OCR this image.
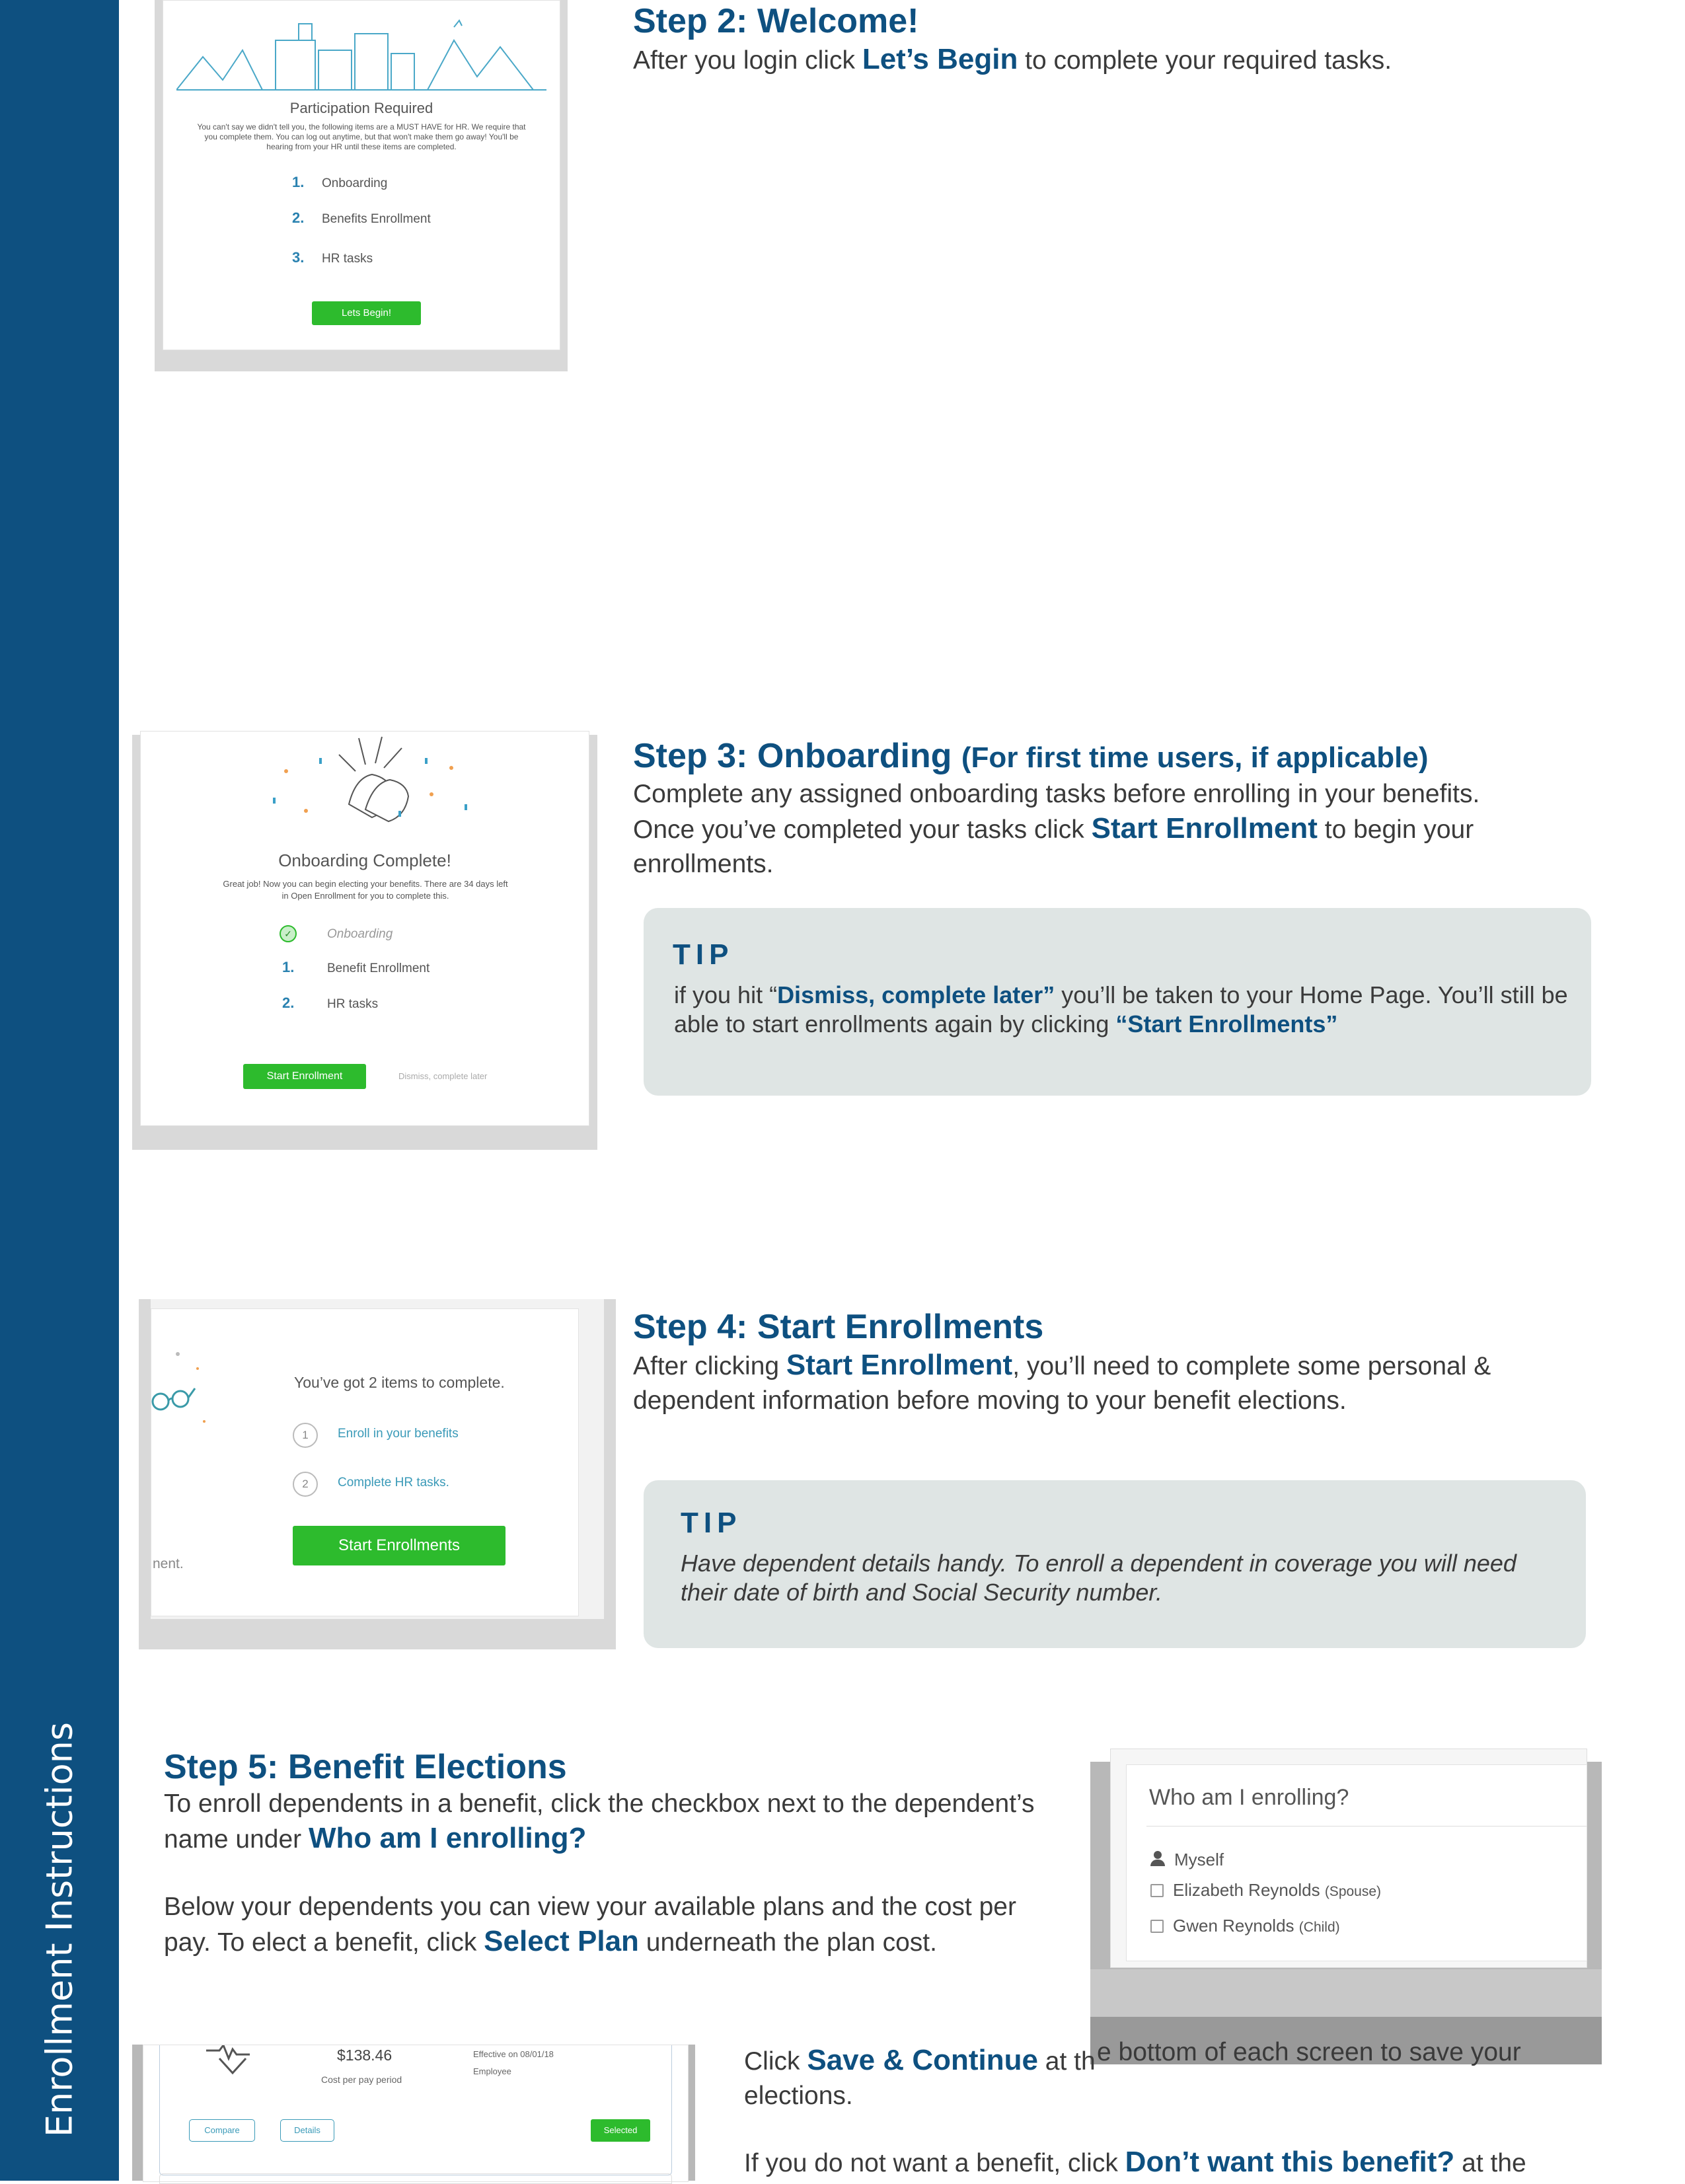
Enrollment Instructions
Participation Required
You can't say we didn't tell you, the following items are a MUST HAVE for HR. We require that you complete them. You can log out anytime, but that won't make them go away! You'll be hearing from your HR until these items are completed.
1. Onboarding
2. Benefits Enrollment
3. HR tasks
Lets Begin!
Step 2: Welcome!
After you login click Let’s Begin to complete your required tasks.
Onboarding Complete!
Great job! Now you can begin electing your benefits. There are 34 days left in Open Enrollment for you to complete this.
✓	Onboarding
1.	Benefit Enrollment
2.	HR tasks
Start Enrollment	Dismiss, complete later
Step 3: Onboarding (For first time users, if applicable)
Complete any assigned onboarding tasks before enrolling in your benefits.
Once you’ve completed your tasks click Start Enrollment to begin your
enrollments.
TIP
if you hit “Dismiss, complete later” you’ll be taken to your Home Page. You’ll still be able to start enrollments again by clicking “Start Enrollments”
You’ve got 2 items to complete.
1	Enroll in your benefits
2	Complete HR tasks.
Start Enrollments
nent.
Step 4: Start Enrollments
After clicking Start Enrollment, you’ll need to complete some personal &
dependent information before moving to your benefit elections.
TIP
Have dependent details handy. To enroll a dependent in coverage you will need their date of birth and Social Security number.
Step 5: Benefit Elections
To enroll dependents in a benefit, click the checkbox next to the dependent’s
name under Who am I enrolling?
Below your dependents you can view your available plans and the cost per
pay. To elect a benefit, click Select Plan underneath the plan cost.
Who am I enrolling?
Myself
Elizabeth Reynolds (Spouse)
Gwen Reynolds (Child)
Click Save & Continue at th
elections.
e bottom of each screen to save your
If you do not want a benefit, click Don’t want this benefit? at the
$138.46
Cost per pay period
Effective on 08/01/18
Employee
Compare	Details	Selected
